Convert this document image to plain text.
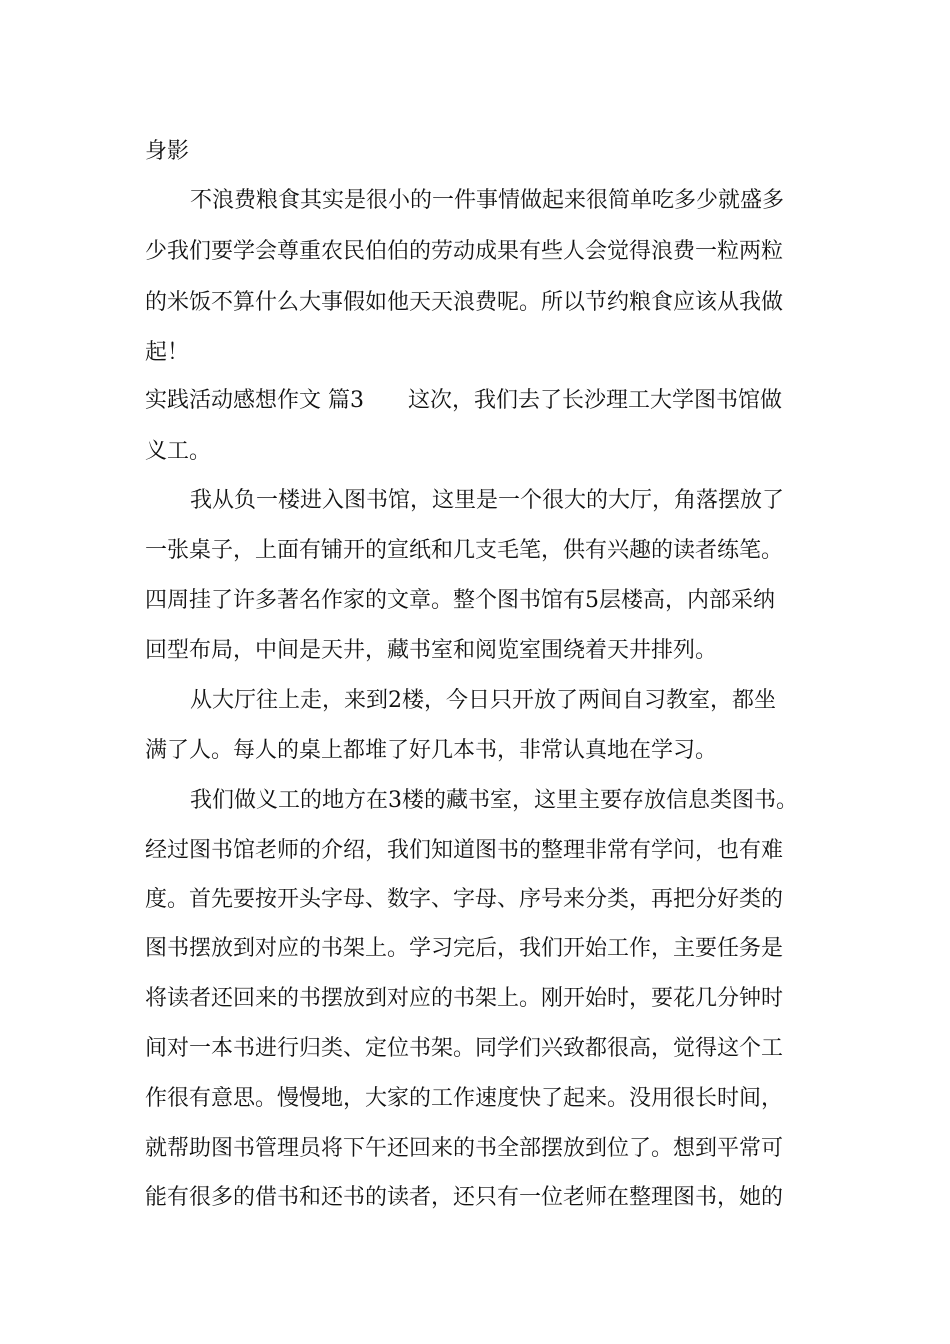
身影
不浪费粮食其实是很小的一件事情做起来很简单吃多少就盛多
少我们要学会尊重农民伯伯的劳动成果有些人会觉得浪费一粒两粒
的米饭不算什么大事假如他天天浪费呢。所以节约粮食应该从我做
起！
实践活动感想作文 篇3 这次，我们去了长沙理工大学图书馆做
义工。
我从负一楼进入图书馆，这里是一个很大的大厅，角落摆放了
一张桌子，上面有铺开的宣纸和几支毛笔，供有兴趣的读者练笔。
四周挂了许多著名作家的文章。整个图书馆有5层楼高，内部采纳
回型布局，中间是天井，藏书室和阅览室围绕着天井排列。
从大厅往上走，来到2楼，今日只开放了两间自习教室，都坐
满了人。每人的桌上都堆了好几本书，非常认真地在学习。
我们做义工的地方在3楼的藏书室，这里主要存放信息类图书。
经过图书馆老师的介绍，我们知道图书的整理非常有学问，也有难
度。首先要按开头字母、数字、字母、序号来分类，再把分好类的
图书摆放到对应的书架上。学习完后，我们开始工作，主要任务是
将读者还回来的书摆放到对应的书架上。刚开始时，要花几分钟时
间对一本书进行归类、定位书架。同学们兴致都很高，觉得这个工
作很有意思。慢慢地，大家的工作速度快了起来。没用很长时间，
就帮助图书管理员将下午还回来的书全部摆放到位了。想到平常可
能有很多的借书和还书的读者，还只有一位老师在整理图书，她的
